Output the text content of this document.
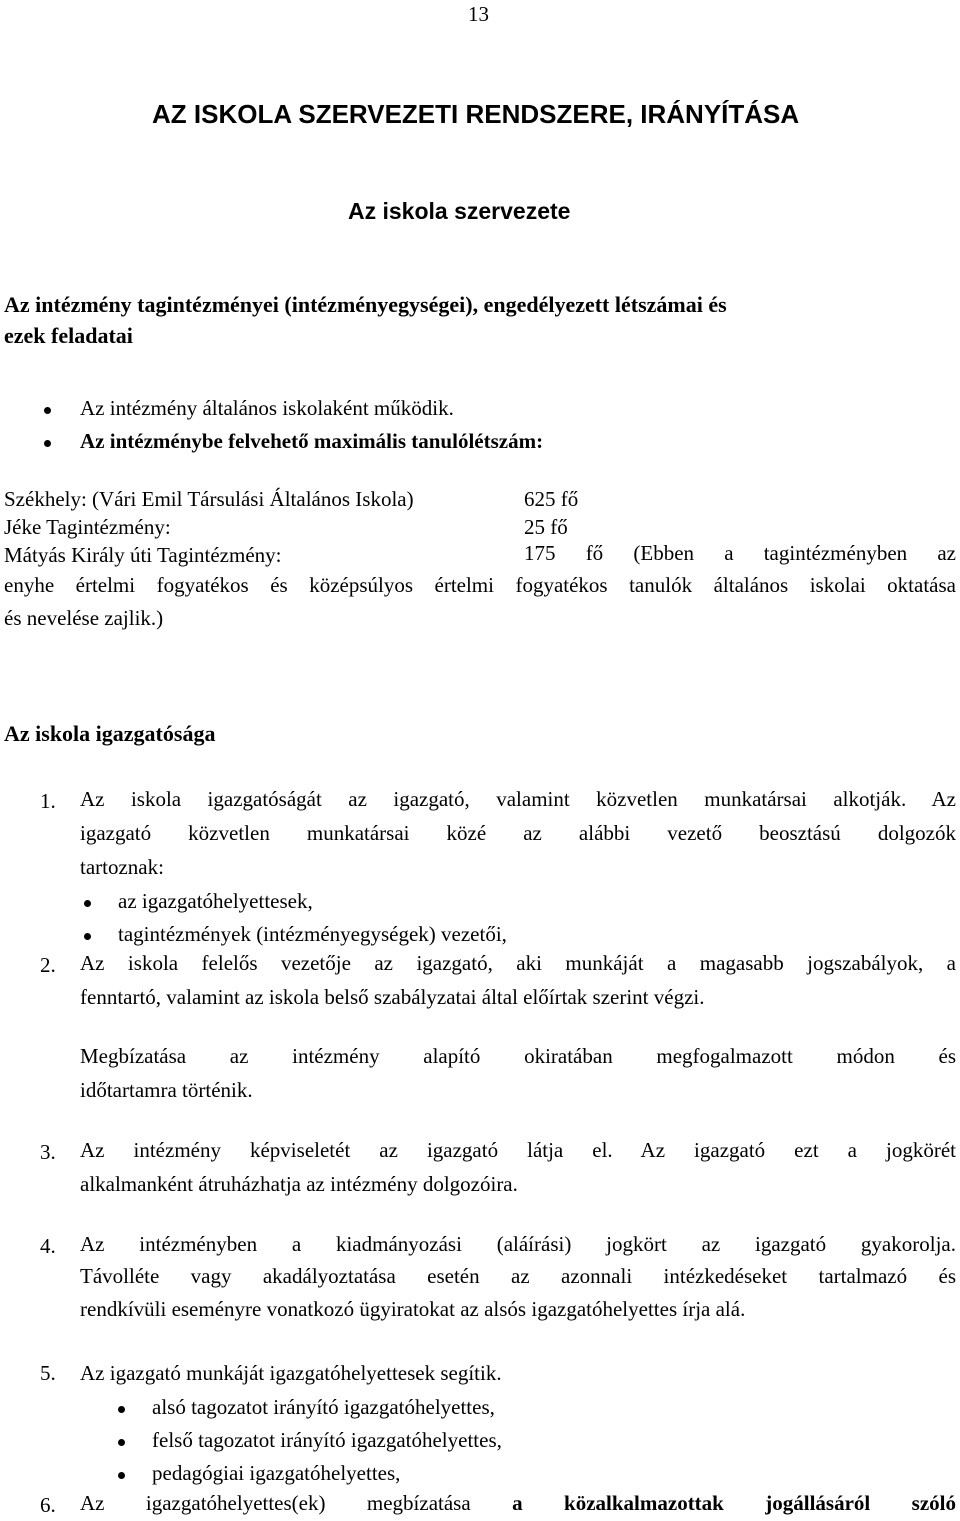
13
AZ ISKOLA SZERVEZETI RENDSZERE, IRÁNYÍTÁSA
Az iskola szervezete
Az intézmény tagintézményei (intézményegységei), engedélyezett létszámai és
ezek feladatai
Az intézmény általános iskolaként működik.
Az intézménybe felvehető maximális tanulólétszám:
Székhely: (Vári Emil Társulási Általános Iskola)	625 fő
Jéke Tagintézmény:	25 fő
Mátyás Király úti Tagintézmény:	175 fő (Ebben a tagintézményben az
enyhe értelmi fogyatékos és középsúlyos értelmi fogyatékos tanulók általános iskolai oktatása
és nevelése zajlik.)
Az iskola igazgatósága
1. Az iskola igazgatóságát az igazgató, valamint közvetlen munkatársai alkotják. Az
igazgató közvetlen munkatársai közé az alábbi vezető beosztású dolgozók
tartoznak:
az igazgatóhelyettesek,
tagintézmények (intézményegységek) vezetői,
2. Az iskola felelős vezetője az igazgató, aki munkáját a magasabb jogszabályok, a
fenntartó, valamint az iskola belső szabályzatai által előírtak szerint végzi.
Megbízatása az intézmény alapító okiratában megfogalmazott módon és
időtartamra történik.
3. Az intézmény képviseletét az igazgató látja el. Az igazgató ezt a jogkörét
alkalmanként átruházhatja az intézmény dolgozóira.
4. Az intézményben a kiadmányozási (aláírási) jogkört az igazgató gyakorolja.
Távolléte vagy akadályoztatása esetén az azonnali intézkedéseket tartalmazó és
rendkívüli eseményre vonatkozó ügyiratokat az alsós igazgatóhelyettes írja alá.
5. Az igazgató munkáját igazgatóhelyettesek segítik.
alsó tagozatot irányító igazgatóhelyettes,
felső tagozatot irányító igazgatóhelyettes,
pedagógiai igazgatóhelyettes,
6. Az igazgatóhelyettes(ek) megbízatása a közalkalmazottak jogállásáról szóló
